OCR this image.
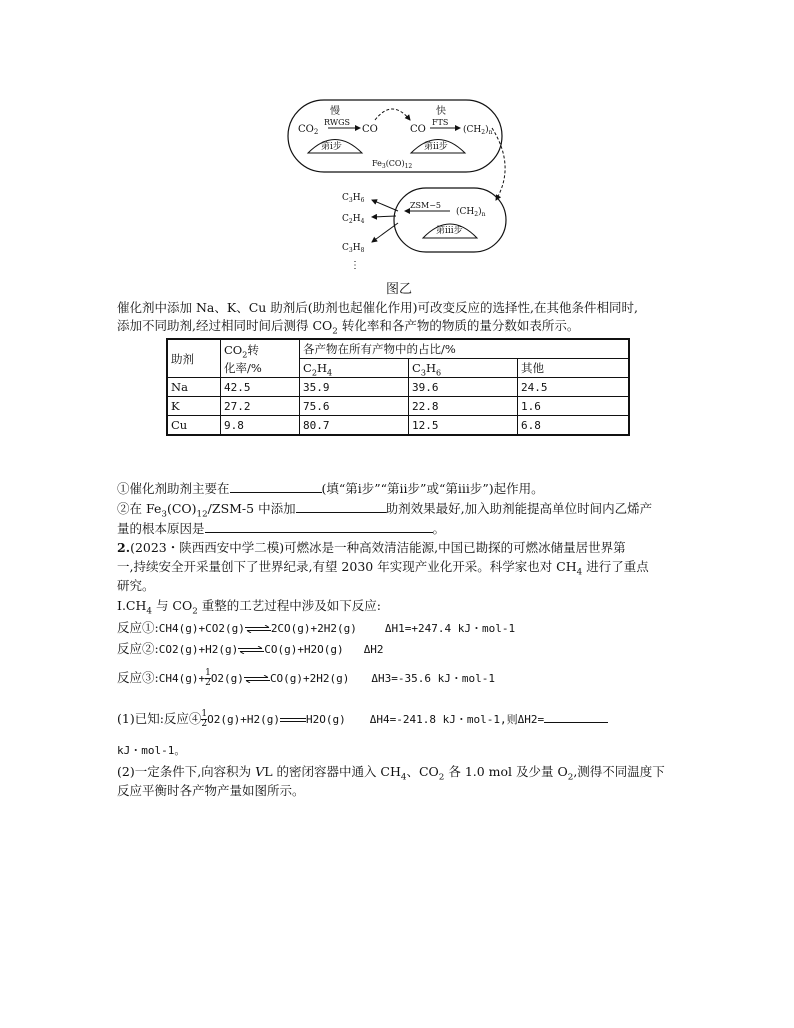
慢	快
RWGS	FTS
$CO_2$	CO	CO	$(CH_2)_n$
第ⅰ步	第ⅱ步
$Fe_3(CO)_{12}$
ZSM−5
$(CH_2)_n$
第ⅲ步
$C_3H_6$
$C_2H_4$
$C_3H_8$
⋮
图乙
催化剂中添加 Na、K、Cu 助剂后(助剂也起催化作用)可改变反应的选择性,在其他条件相同时,
添加不同助剂,经过相同时间后测得 $CO_2$ 转化率和各产物的物质的量分数如表所示。
助剂	$CO_2$转
化率/%	各产物在所有产物中的占比/%		
		$C_2H_4$	$C_3H_6$	其他
Na	42.5	35.9	39.6	24.5
K	27.2	75.6	22.8	1.6
Cu	9.8	80.7	12.5	6.8
①催化剂助剂主要在	(填“第ⅰ步”“第ⅱ步”或“第ⅲ步”)起作用。
②在 $Fe_3(CO)_{12}/ZSM-5$ 中添加	助剂效果最好,加入助剂能提高单位时间内乙烯产
量的根本原因是	。
2.(2023・陕西西安中学二模)可燃冰是一种高效清洁能源,中国已勘探的可燃冰储量居世界第
一,持续安全开采量创下了世界纪录,有望 2030 年实现产业化开采。科学家也对 $CH_4$ 进行了重点
研究。
$Ⅰ.CH_4$ 与 $CO_2$ 重整的工艺过程中涉及如下反应:
反应①:CH4(g)+CO2(g)⇌2CO(g)+2H2(g)	ΔH1=+247.4 kJ・mol-1
反应②:CO2(g)+H2(g)⇌CO(g)+H2O(g) ΔH2
反应③:CH4(g)+ $\frac{1}{2}$ O2(g)⇌CO(g)+2H2(g) ΔH3=-35.6 kJ・mol-1
(1)已知:反应④ $\frac{1}{2} O2(g)+H2(g)$ H2O(g) ΔH4=-241.8 kJ・mol-1,则ΔH2=
kJ・mol-1。
(2)一定条件下,向容积为 VL 的密闭容器中通入 $CH_4$、$CO_2$ 各 1.0 mol 及少量 $O_2$,测得不同温度下
反应平衡时各产物产量如图所示。
